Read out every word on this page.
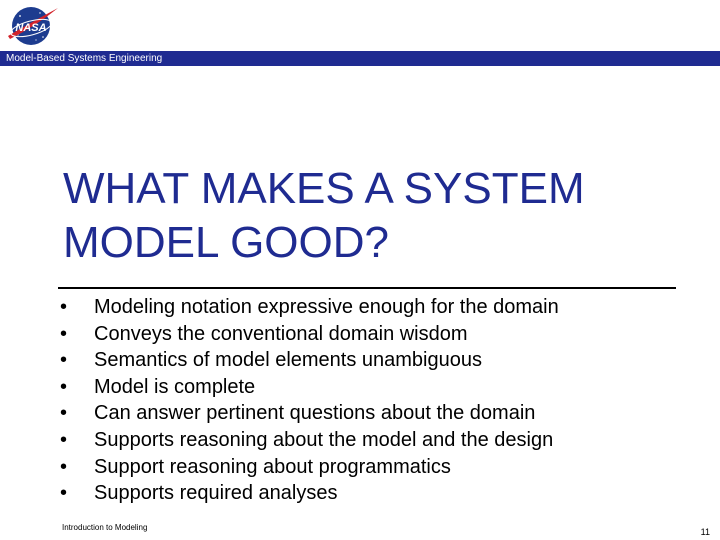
NASA
Model-Based Systems Engineering
WHAT MAKES A SYSTEM
MODEL GOOD?
•	Modeling notation expressive enough for the domain
•	Conveys the conventional domain wisdom
•	Semantics of model elements unambiguous
•	Model is complete
•	Can answer pertinent questions about the domain
•	Supports reasoning about the model and the design
•	Support reasoning about programmatics
•	Supports required analyses
Introduction to Modeling	11
